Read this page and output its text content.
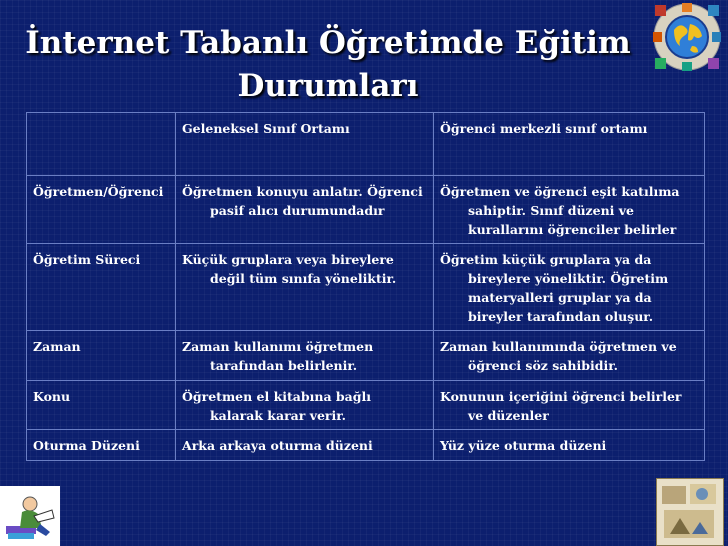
İnternet Tabanlı Öğretimde Eğitim
Durumları
	Geleneksel Sınıf Ortamı	Öğrenci merkezli sınıf ortamı
Öğretmen/Öğrenci	Öğretmen konuyu anlatır. Öğrenci pasif alıcı durumundadır	Öğretmen ve öğrenci eşit katılıma sahiptir. Sınıf düzeni ve kurallarını öğrenciler belirler

Öğretim Süreci	Küçük gruplara veya bireylere değil tüm sınıfa yöneliktir.	Öğretim küçük gruplara ya da bireylere yöneliktir. Öğretim materyalleri gruplar ya da bireyler tarafından oluşur.

Zaman	Zaman kullanımı öğretmen tarafından belirlenir.	Zaman kullanımında öğretmen ve öğrenci söz sahibidir.

Konu	Öğretmen el kitabına bağlı kalarak karar verir.	Konunun içeriğini öğrenci belirler ve düzenler

Oturma Düzeni	Arka arkaya oturma düzeni	Yüz yüze oturma düzeni
